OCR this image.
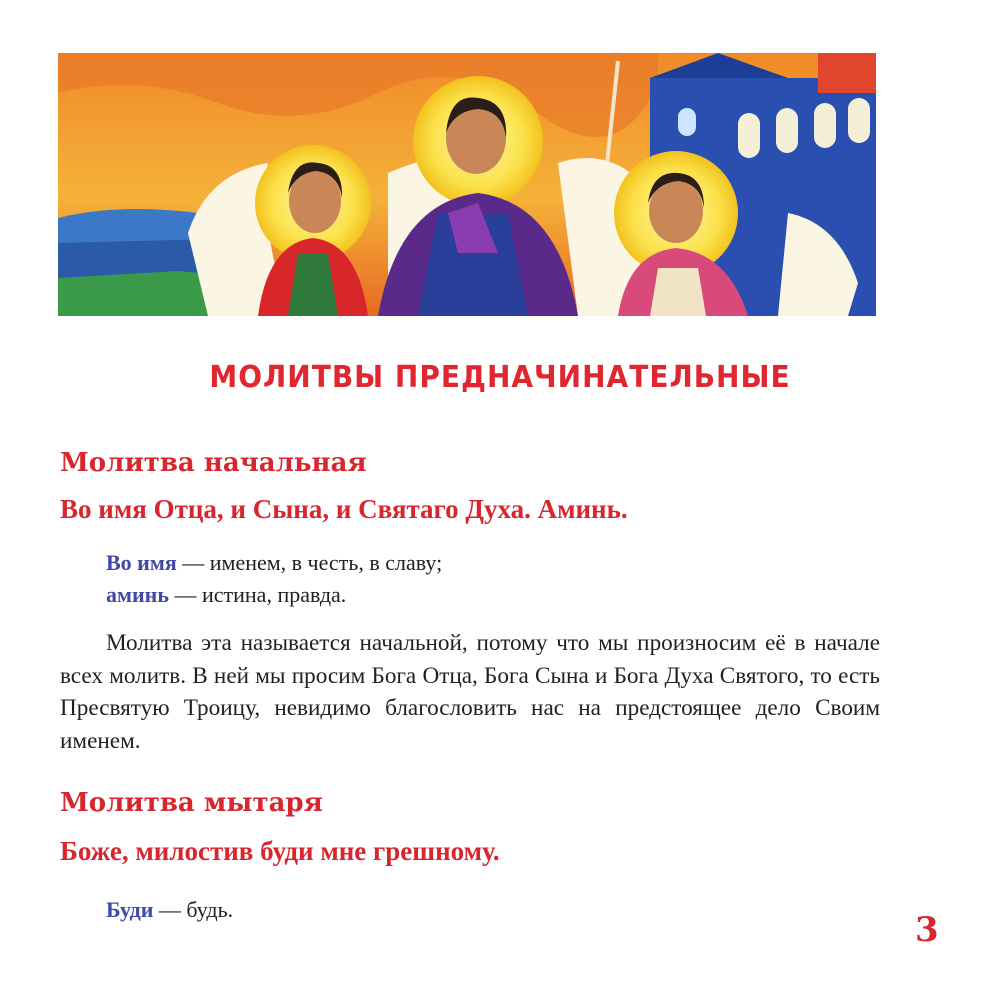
МОЛИТВЫ ПРЕДНАЧИНАТЕЛЬНЫЕ
Молитва начальная

Во имя Отца, и Сына, и Святаго Духа. Аминь.

Во имя — именем, в честь, в славу;

аминь — истина, правда.

Молитва эта называется начальной, потому что мы произносим её в начале всех молитв. В ней мы просим Бога Отца, Бога Сына и Бога Духа Святого, то есть Пресвятую Троицу, невидимо благословить нас на предстоящее дело Своим именем.

Молитва мытаря

Боже, милостив буди мне грешному.

Буди — будь.

3
